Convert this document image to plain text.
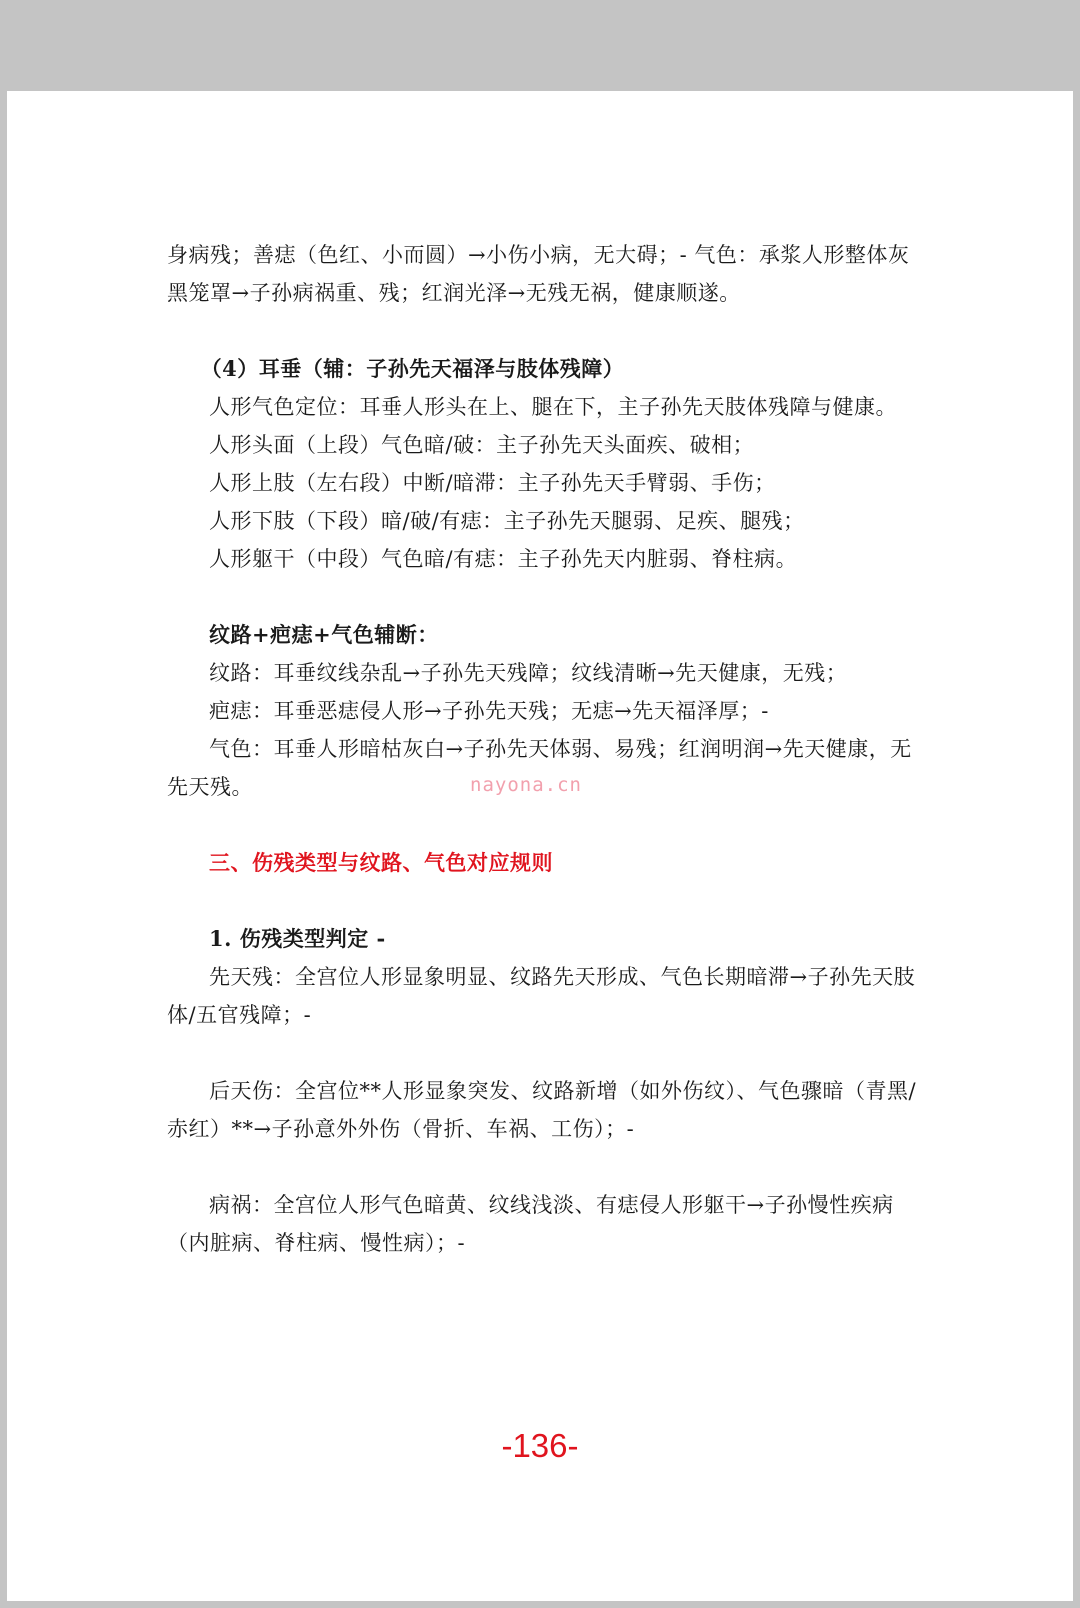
身病残；善痣（色红、小而圆）→小伤小病，无大碍；- 气色：承浆人形整体灰黑笼罩→子孙病祸重、残；红润光泽→无残无祸，健康顺遂。

（4）耳垂（辅：子孙先天福泽与肢体残障）

人形气色定位：耳垂人形头在上、腿在下，主子孙先天肢体残障与健康。

人形头面（上段）气色暗/破：主子孙先天头面疾、破相；

人形上肢（左右段）中断/暗滞：主子孙先天手臂弱、手伤；

人形下肢（下段）暗/破/有痣：主子孙先天腿弱、足疾、腿残；

人形躯干（中段）气色暗/有痣：主子孙先天内脏弱、脊柱病。

纹路+疤痣+气色辅断：

纹路：耳垂纹线杂乱→子孙先天残障；纹线清晰→先天健康，无残；

疤痣：耳垂恶痣侵人形→子孙先天残；无痣→先天福泽厚；-

气色：耳垂人形暗枯灰白→子孙先天体弱、易残；红润明润→先天健康，无先天残。

三、伤残类型与纹路、气色对应规则

1. 伤残类型判定 -

先天残：全宫位人形显象明显、纹路先天形成、气色长期暗滞→子孙先天肢体/五官残障；-

后天伤：全宫位**人形显象突发、纹路新增（如外伤纹）、气色骤暗（青黑/赤红）**→子孙意外外伤（骨折、车祸、工伤）；-

病祸：全宫位人形气色暗黄、纹线浅淡、有痣侵人形躯干→子孙慢性疾病（内脏病、脊柱病、慢性病）；-

nayona.cn
-136-
